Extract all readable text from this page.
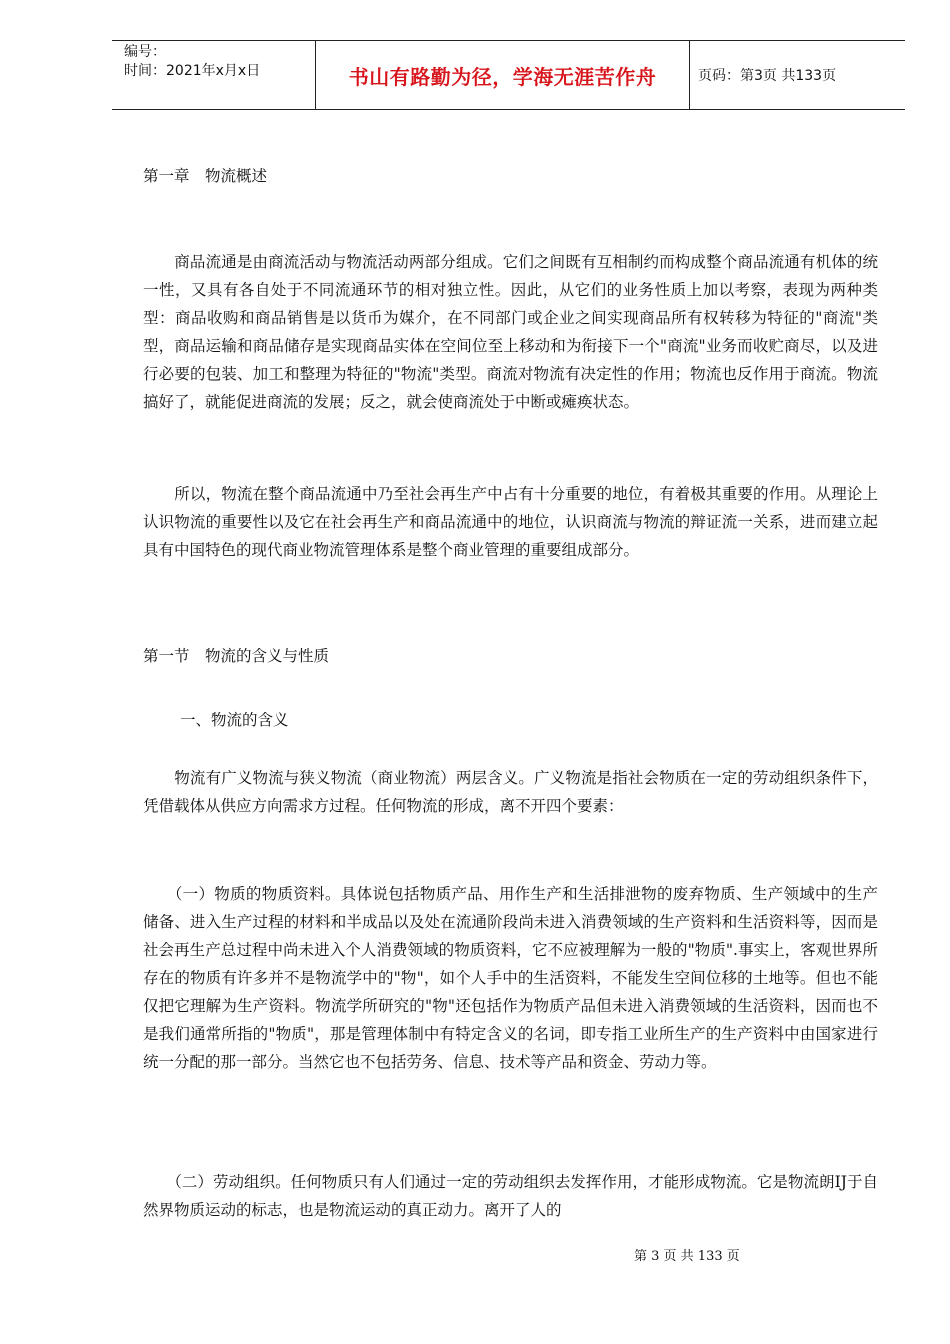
编号：
时间：2021年x月x日	书山有路勤为径，学海无涯苦作舟	页码：第3页 共133页
第一章　物流概述
　　商品流通是由商流活动与物流活动两部分组成。它们之间既有互相制约而构成整个商品流通有机体的统一性，又具有各自处于不同流通环节的相对独立性。因此，从它们的业务性质上加以考察，表现为两种类型：商品收购和商品销售是以货币为媒介，在不同部门或企业之间实现商品所有权转移为特征的"商流"类型，商品运输和商品储存是实现商品实体在空间位至上移动和为衔接下一个"商流"业务而收贮商尽，以及进行必要的包装、加工和整理为特征的"物流"类型。商流对物流有决定性的作用；物流也反作用于商流。物流搞好了，就能促进商流的发展；反之，就会使商流处于中断或瘫痪状态。
　　所以，物流在整个商品流通中乃至社会再生产中占有十分重要的地位，有着极其重要的作用。从理论上认识物流的重要性以及它在社会再生产和商品流通中的地位，认识商流与物流的辩证流一关系，进而建立起具有中国特色的现代商业物流管理体系是整个商业管理的重要组成部分。
第一节　物流的含义与性质
一、物流的含义
　　物流有广义物流与狭义物流（商业物流）两层含义。广义物流是指社会物质在一定的劳动组织条件下，凭借载体从供应方向需求方过程。任何物流的形成，离不开四个要素：
　　（一）物质的物质资料。具体说包括物质产品、用作生产和生活排泄物的废弃物质、生产领域中的生产储备、进入生产过程的材料和半成品以及处在流通阶段尚未进入消费领域的生产资料和生活资料等，因而是社会再生产总过程中尚未进入个人消费领域的物质资料，它不应被理解为一般的"物质".事实上，客观世界所存在的物质有许多并不是物流学中的"物"，如个人手中的生活资料，不能发生空间位移的土地等。但也不能仅把它理解为生产资料。物流学所研究的"物"还包括作为物质产品但未进入消费领域的生活资料，因而也不是我们通常所指的"物质"，那是管理体制中有特定含义的名词，即专指工业所生产的生产资料中由国家进行统一分配的那一部分。当然它也不包括劳务、信息、技术等产品和资金、劳动力等。
　　（二）劳动组织。任何物质只有人们通过一定的劳动组织去发挥作用，才能形成物流。它是物流朗IJ于自然界物质运动的标志，也是物流运动的真正动力。离开了人的
第 3 页 共 133 页
